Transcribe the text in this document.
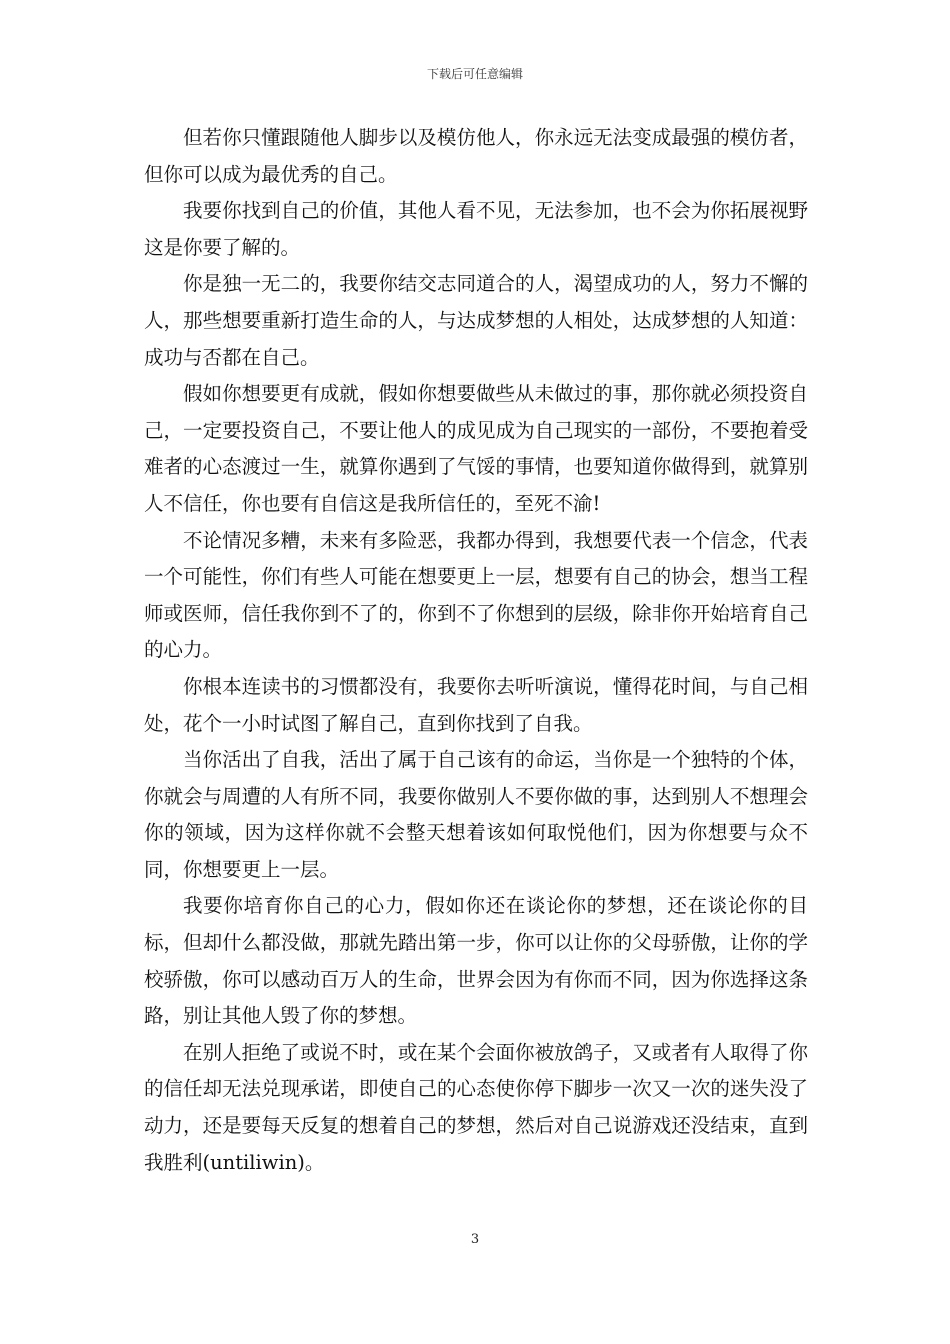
下载后可任意编辑

但若你只懂跟随他人脚步以及模仿他人，你永远无法变成最强的模仿者，但你可以成为最优秀的自己。

我要你找到自己的价值，其他人看不见，无法参加，也不会为你拓展视野这是你要了解的。

你是独一无二的，我要你结交志同道合的人，渴望成功的人，努力不懈的人，那些想要重新打造生命的人，与达成梦想的人相处，达成梦想的人知道：成功与否都在自己。

假如你想要更有成就，假如你想要做些从未做过的事，那你就必须投资自己，一定要投资自己，不要让他人的成见成为自己现实的一部份，不要抱着受难者的心态渡过一生，就算你遇到了气馁的事情，也要知道你做得到，就算别人不信任，你也要有自信这是我所信任的，至死不渝!

不论情况多糟，未来有多险恶，我都办得到，我想要代表一个信念，代表一个可能性，你们有些人可能在想要更上一层，想要有自己的协会，想当工程师或医师，信任我你到不了的，你到不了你想到的层级，除非你开始培育自己的心力。

你根本连读书的习惯都没有，我要你去听听演说，懂得花时间，与自己相处，花个一小时试图了解自己，直到你找到了自我。

当你活出了自我，活出了属于自己该有的命运，当你是一个独特的个体，你就会与周遭的人有所不同，我要你做别人不要你做的事，达到别人不想理会你的领域，因为这样你就不会整天想着该如何取悦他们，因为你想要与众不同，你想要更上一层。

我要你培育你自己的心力，假如你还在谈论你的梦想，还在谈论你的目标，但却什么都没做，那就先踏出第一步，你可以让你的父母骄傲，让你的学校骄傲，你可以感动百万人的生命，世界会因为有你而不同，因为你选择这条路，别让其他人毁了你的梦想。

在别人拒绝了或说不时，或在某个会面你被放鸽子，又或者有人取得了你的信任却无法兑现承诺，即使自己的心态使你停下脚步一次又一次的迷失没了动力，还是要每天反复的想着自己的梦想，然后对自己说游戏还没结束，直到我胜利(untiliwin)。

3
